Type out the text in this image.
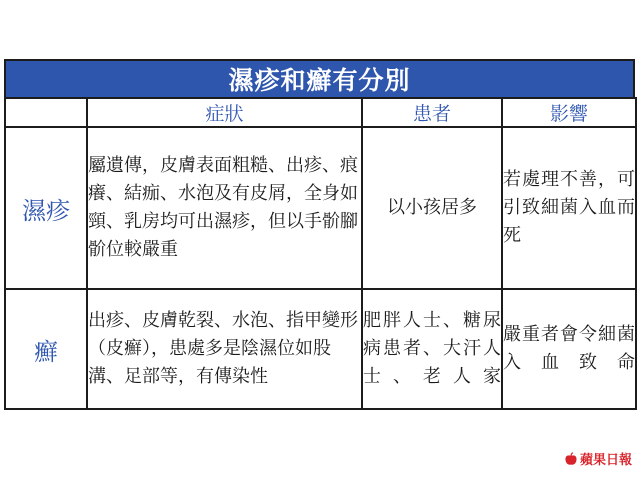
濕疹和癬有分別
	症狀	患者	影響
濕疹	屬遺傳，皮膚表面粗糙、出疹、痕癢、結痂、水泡及有皮屑，全身如頸、乳房均可出濕疹，但以手骱腳骱位較嚴重	以小孩居多	若處理不善，可引致細菌入血而死
癬	出疹、皮膚乾裂、水泡、指甲變形（皮癬），患處多是陰濕位如股溝、足部等，有傳染性	肥胖人士、糖尿病患者、大汗人士、老人家	嚴重者會令細菌入血致命
蘋果日報
